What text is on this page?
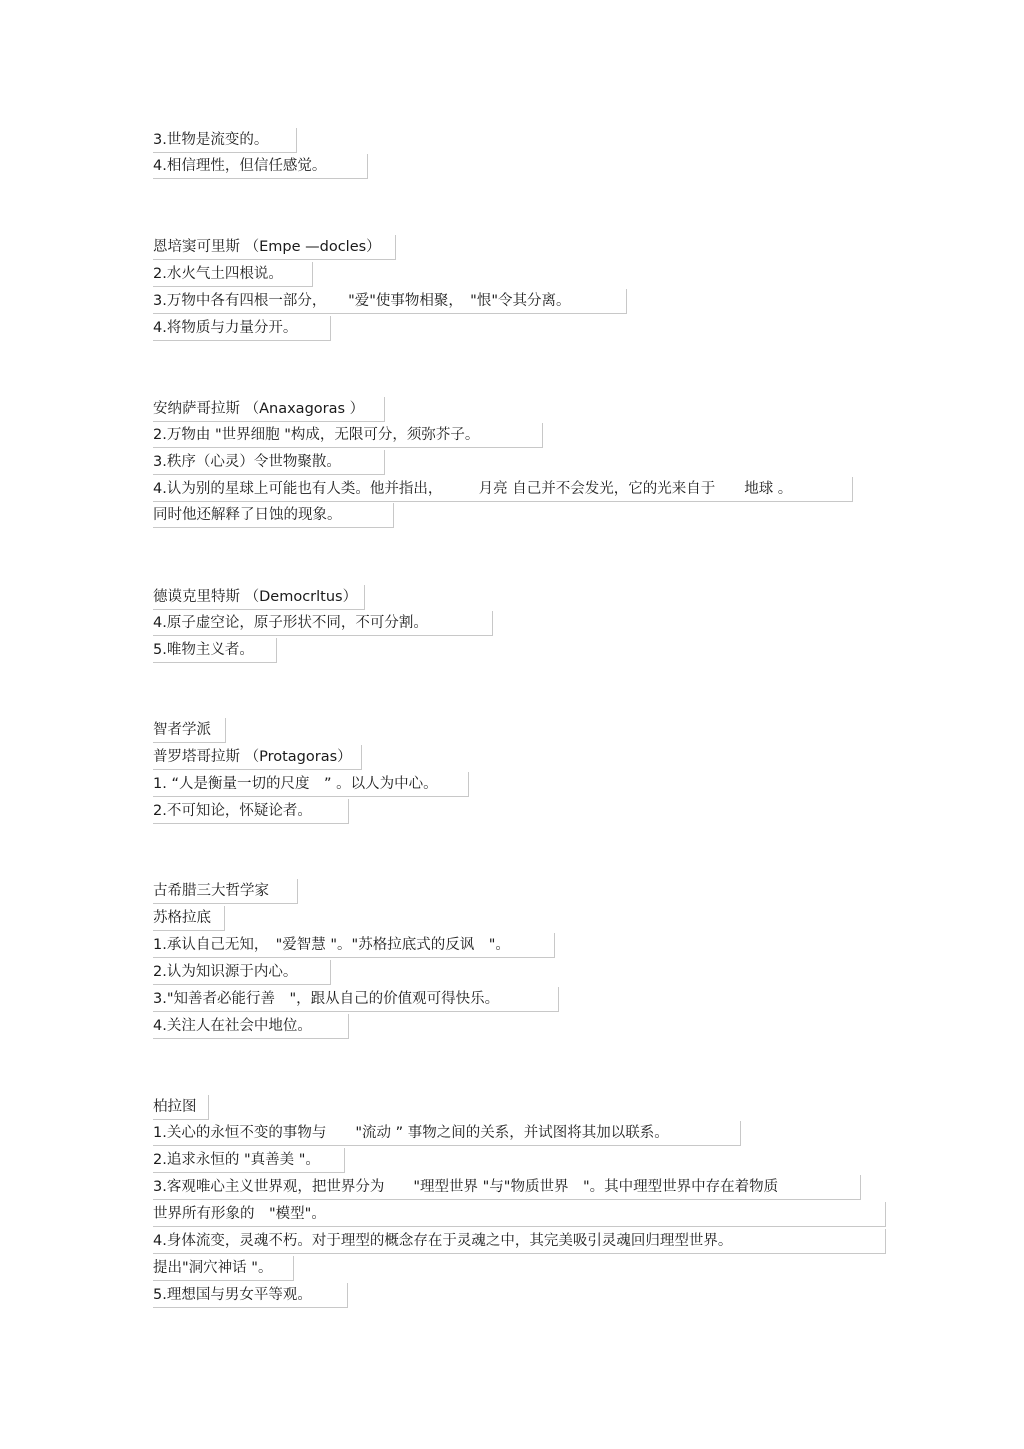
3.世物是流变的。
4.相信理性，但信任感觉。
恩培窦可里斯 （Empe —docles）
2.水火气土四根说。
3.万物中各有四根一部分，　　"爱"使事物相聚，　"恨"令其分离。
4.将物质与力量分开。
安纳萨哥拉斯 （Anaxagoras ）
2.万物由 "世界细胞 "构成，无限可分，须弥芥子。
3.秩序（心灵）令世物聚散。
4.认为别的星球上可能也有人类。他并指出，　　　月亮 自己并不会发光，它的光来自于　　地球 。
同时他还解释了日蚀的现象。
德谟克里特斯 （Democrltus）
4.原子虚空论，原子形状不同，不可分割。
5.唯物主义者。
智者学派
普罗塔哥拉斯 （Protagoras）
1. “人是衡量一切的尺度　” 。以人为中心。
2.不可知论，怀疑论者。
古希腊三大哲学家
苏格拉底
1.承认自己无知，　"爱智慧 "。"苏格拉底式的反讽　"。
2.认为知识源于内心。
3."知善者必能行善　"，跟从自己的价值观可得快乐。
4.关注人在社会中地位。
柏拉图
1.关心的永恒不变的事物与　　"流动 ” 事物之间的关系，并试图将其加以联系。
2.追求永恒的 "真善美 "。
3.客观唯心主义世界观，把世界分为　　"理型世界 "与"物质世界　"。其中理型世界中存在着物质
世界所有形象的　"模型"。
4.身体流变，灵魂不朽。对于理型的概念存在于灵魂之中，其完美吸引灵魂回归理型世界。
提出"洞穴神话 "。
5.理想国与男女平等观。
